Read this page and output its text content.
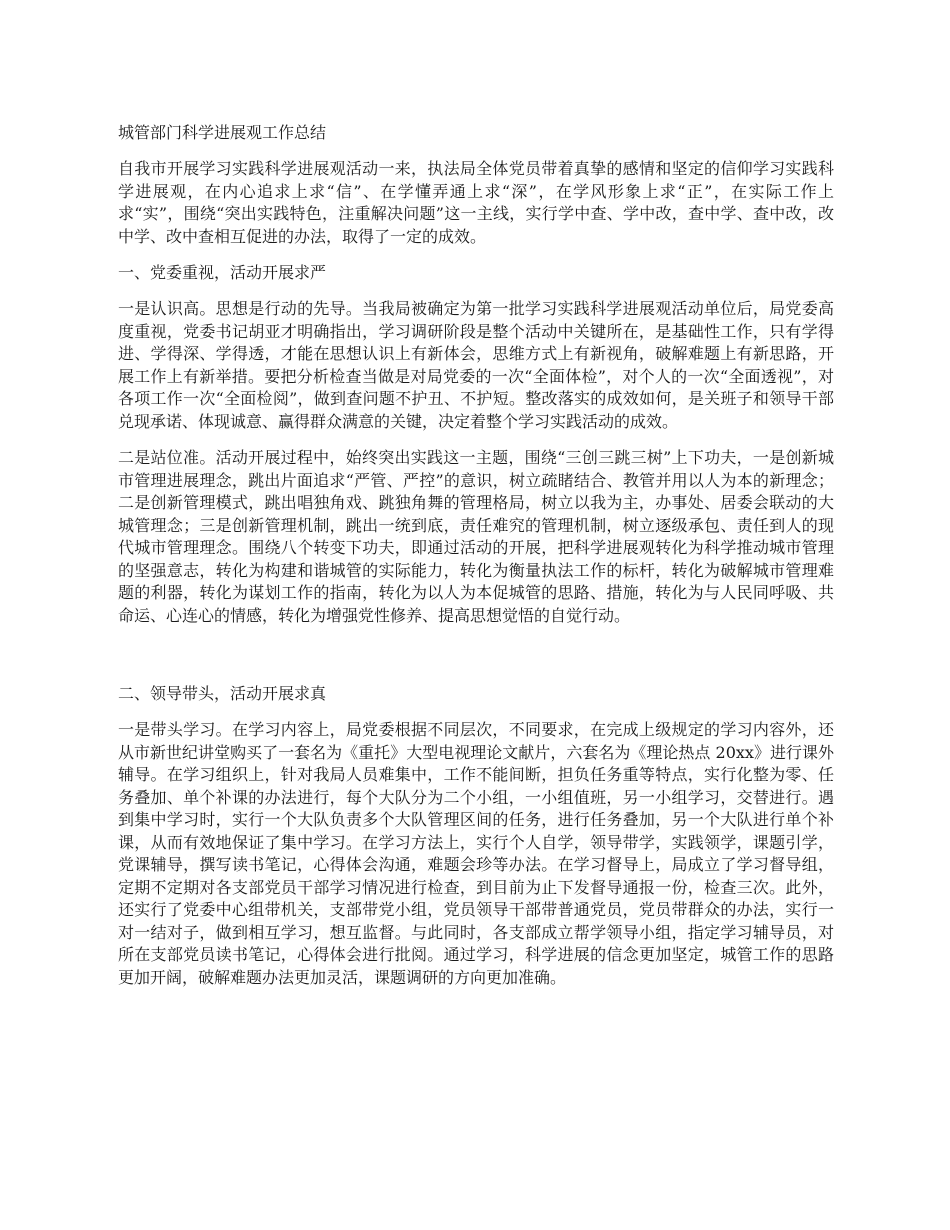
城管部门科学进展观工作总结

自我市开展学习实践科学进展观活动一来，执法局全体党员带着真挚的感情和坚定的信仰学习实践科学进展观，在内心追求上求“信”、在学懂弄通上求“深”，在学风形象上求“正”，在实际工作上求“实”，围绕“突出实践特色，注重解决问题”这一主线，实行学中查、学中改，查中学、查中改，改中学、改中查相互促进的办法，取得了一定的成效。

一、党委重视，活动开展求严

一是认识高。思想是行动的先导。当我局被确定为第一批学习实践科学进展观活动单位后，局党委高度重视，党委书记胡亚才明确指出，学习调研阶段是整个活动中关键所在，是基础性工作，只有学得进、学得深、学得透，才能在思想认识上有新体会，思维方式上有新视角，破解难题上有新思路，开展工作上有新举措。要把分析检查当做是对局党委的一次“全面体检”，对个人的一次“全面透视”，对各项工作一次“全面检阅”，做到查问题不护丑、不护短。整改落实的成效如何，是关班子和领导干部兑现承诺、体现诚意、赢得群众满意的关键，决定着整个学习实践活动的成效。

二是站位准。活动开展过程中，始终突出实践这一主题，围绕“三创三跳三树”上下功夫，一是创新城市管理进展理念，跳出片面追求“严管、严控”的意识，树立疏睹结合、教管并用以人为本的新理念；二是创新管理模式，跳出唱独角戏、跳独角舞的管理格局，树立以我为主，办事处、居委会联动的大城管理念；三是创新管理机制，跳出一统到底，责任难究的管理机制，树立逐级承包、责任到人的现代城市管理理念。围绕八个转变下功夫，即通过活动的开展，把科学进展观转化为科学推动城市管理的坚强意志，转化为构建和谐城管的实际能力，转化为衡量执法工作的标杆，转化为破解城市管理难题的利器，转化为谋划工作的指南，转化为以人为本促城管的思路、措施，转化为与人民同呼吸、共命运、心连心的情感，转化为增强党性修养、提高思想觉悟的自觉行动。

二、领导带头，活动开展求真

一是带头学习。在学习内容上，局党委根据不同层次，不同要求，在完成上级规定的学习内容外，还从市新世纪讲堂购买了一套名为《重托》大型电视理论文献片，六套名为《理论热点 20xx》进行课外辅导。在学习组织上，针对我局人员难集中，工作不能间断，担负任务重等特点，实行化整为零、任务叠加、单个补课的办法进行，每个大队分为二个小组，一小组值班，另一小组学习，交替进行。遇到集中学习时，实行一个大队负责多个大队管理区间的任务，进行任务叠加，另一个大队进行单个补课，从而有效地保证了集中学习。在学习方法上，实行个人自学，领导带学，实践领学，课题引学，党课辅导，撰写读书笔记，心得体会沟通，难题会珍等办法。在学习督导上，局成立了学习督导组，定期不定期对各支部党员干部学习情况进行检查，到目前为止下发督导通报一份，检查三次。此外，还实行了党委中心组带机关，支部带党小组，党员领导干部带普通党员，党员带群众的办法，实行一对一结对子，做到相互学习，想互监督。与此同时，各支部成立帮学领导小组，指定学习辅导员，对所在支部党员读书笔记，心得体会进行批阅。通过学习，科学进展的信念更加坚定，城管工作的思路更加开阔，破解难题办法更加灵活，课题调研的方向更加准确。
